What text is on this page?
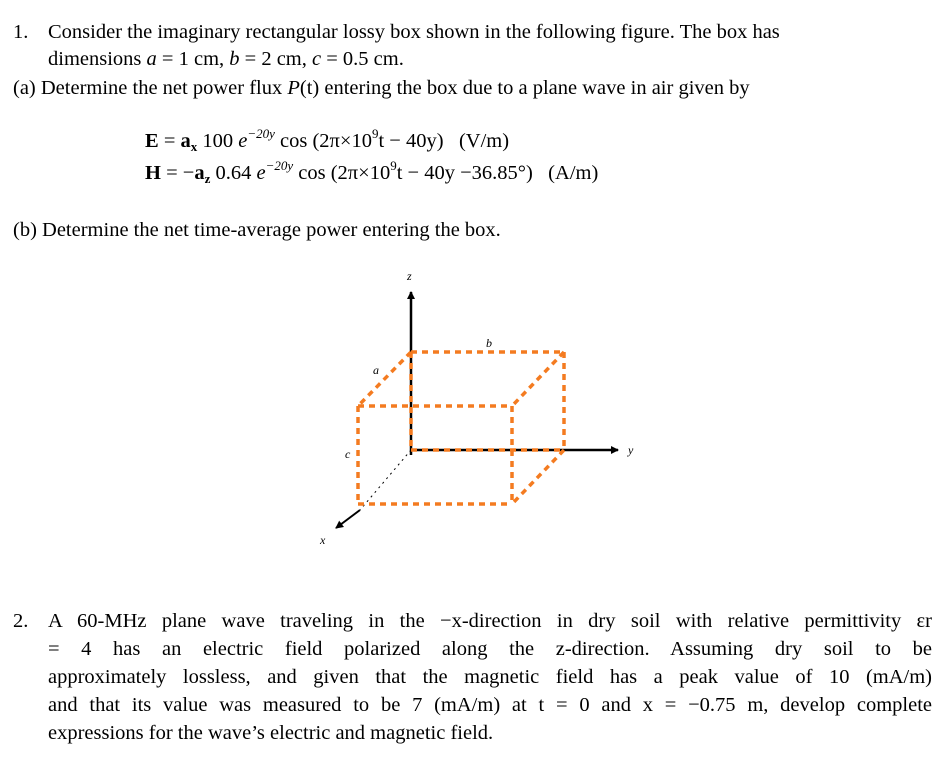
1. Consider the imaginary rectangular lossy box shown in the following figure. The box has
dimensions a = 1 cm, b = 2 cm, c = 0.5 cm.
(a) Determine the net power flux P(t) entering the box due to a plane wave in air given by
E = ax 100 $e^{-20y}$ $\cos (2\pi\times 10^9t - 40y)$   (V/m)
H = −az 0.64 $e^{-20y}$ $\cos (2\pi\times 10^9t - 40y -36.85^\circ)$   (A/m)
(b) Determine the net time-average power entering the box.
z
y
x
a
b
c
2. A 60-MHz plane wave traveling in the −x-direction in dry soil with relative permittivity εr
= 4 has an electric field polarized along the z-direction. Assuming dry soil to be
approximately lossless, and given that the magnetic field has a peak value of 10 (mA/m)
and that its value was measured to be 7 (mA/m) at t = 0 and x = −0.75 m, develop complete
expressions for the wave’s electric and magnetic field.
